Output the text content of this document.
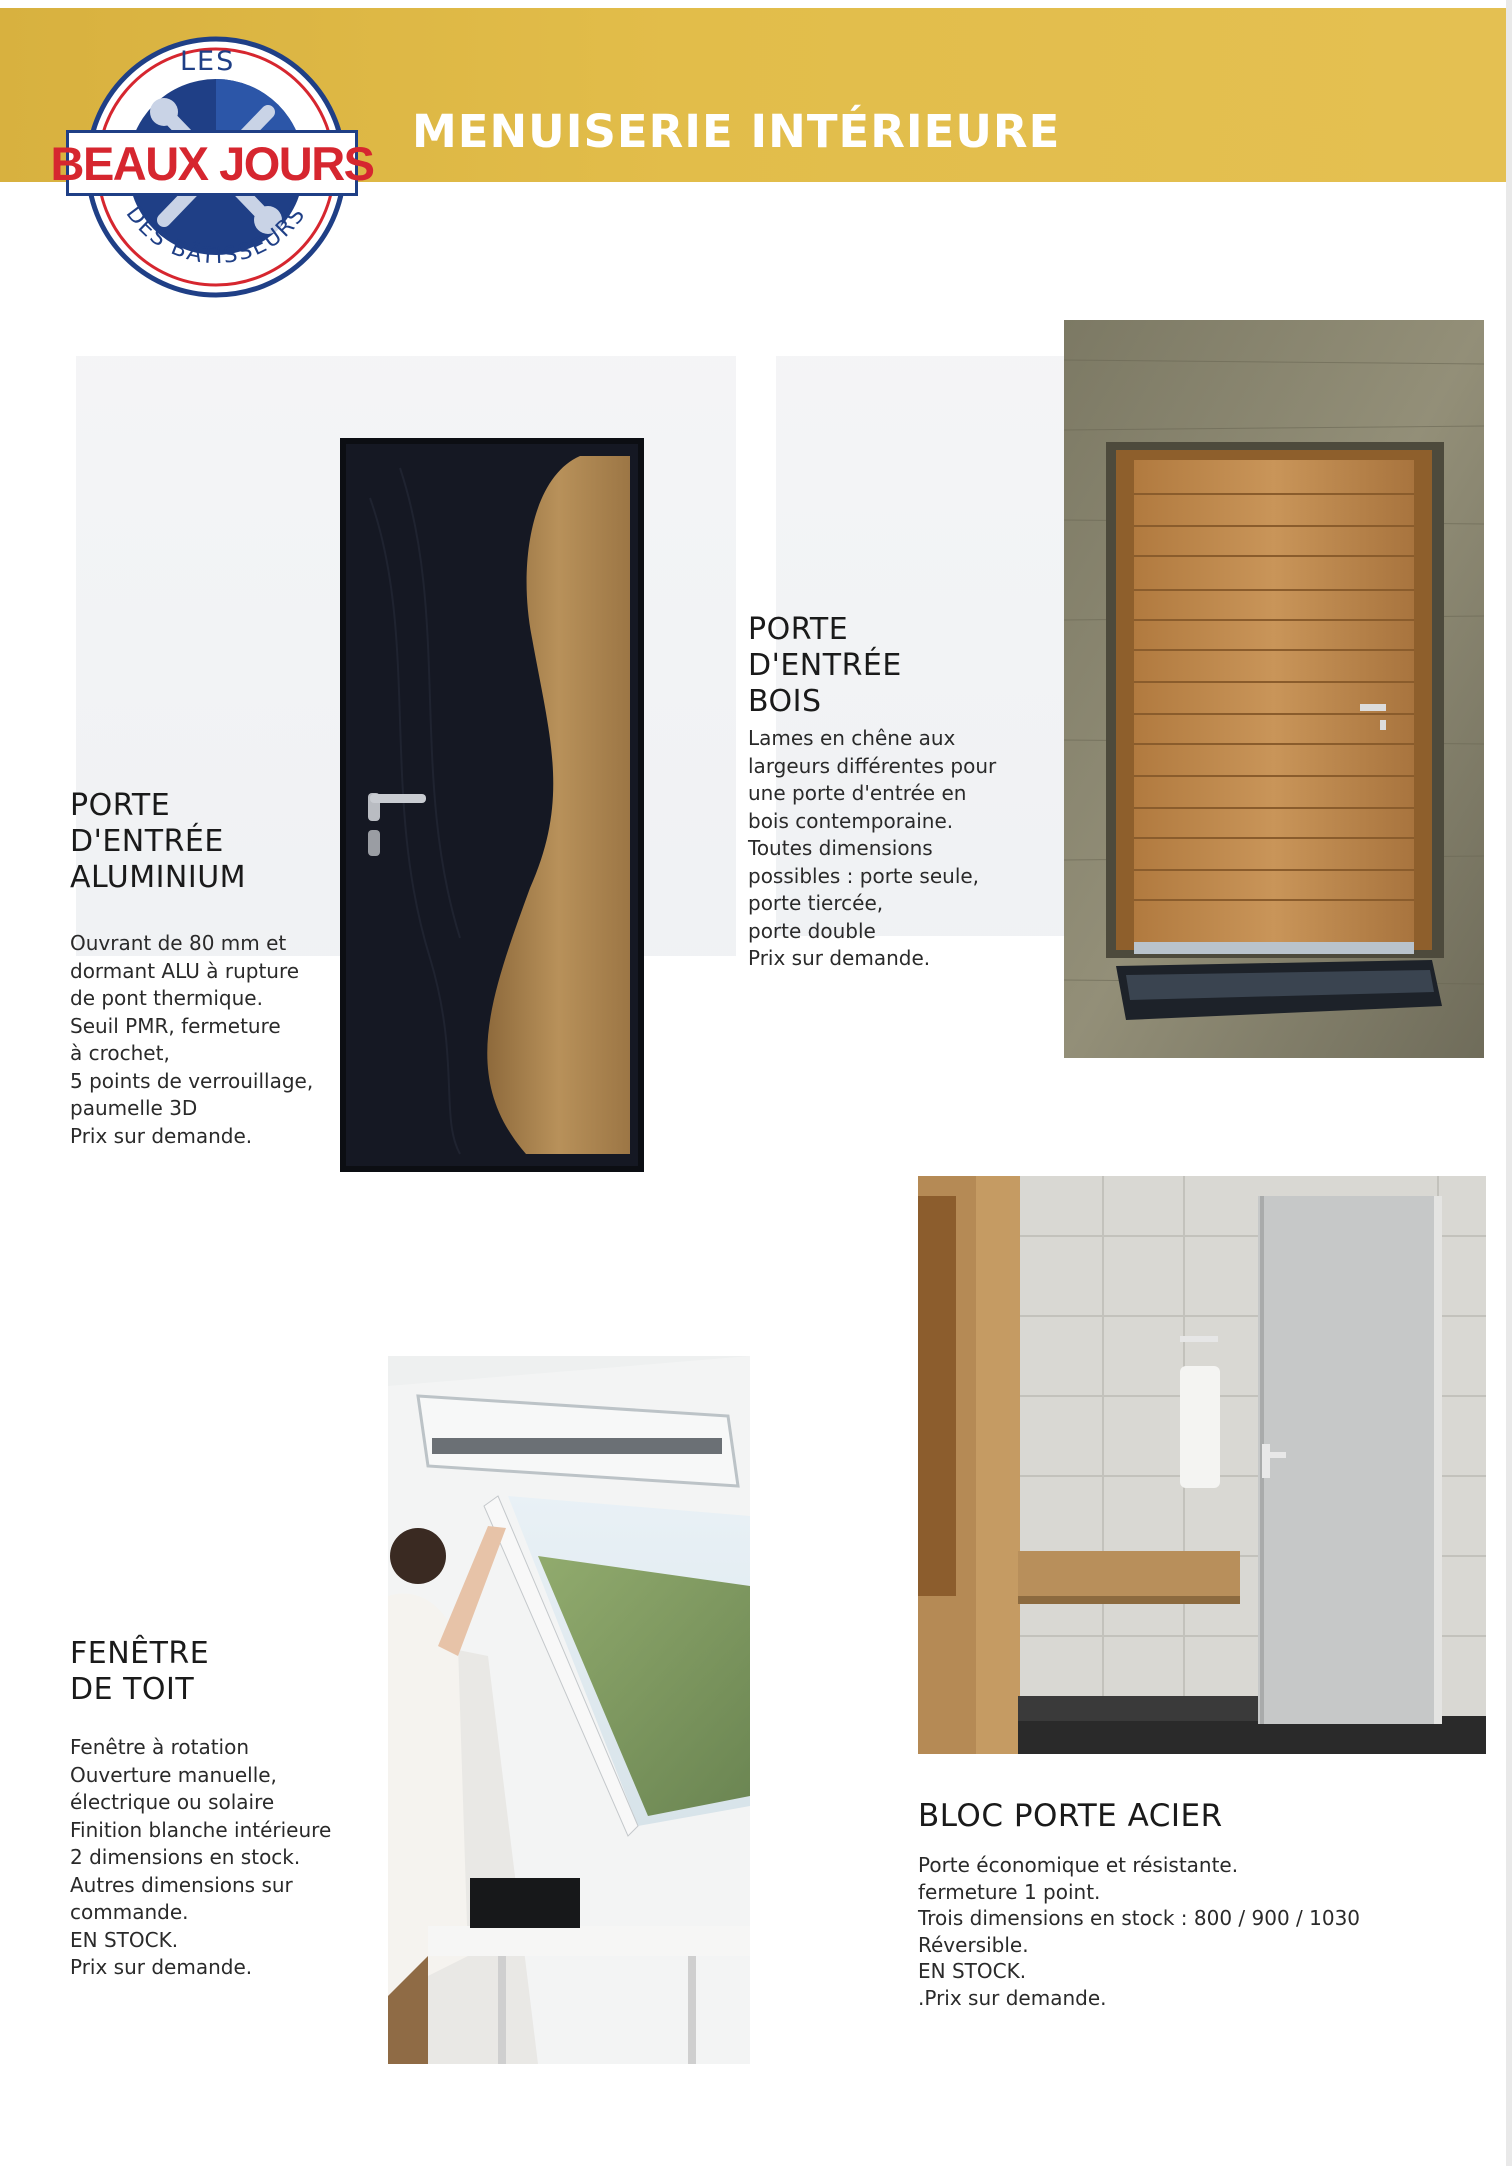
MENUISERIE INTÉRIEURE
DES BÂTISSEURS
LES
BEAUX JOURS
PORTE
D'ENTRÉE
ALUMINIUM
Ouvrant de 80 mm et
dormant ALU à rupture
de pont thermique.
Seuil PMR, fermeture
à crochet,
5 points de verrouillage,
paumelle 3D
Prix sur demande.
PORTE
D'ENTRÉE
BOIS
Lames en chêne aux
largeurs différentes pour
une porte d'entrée en
bois contemporaine.
Toutes dimensions
possibles : porte seule,
porte tiercée,
porte double
Prix sur demande.
FENÊTRE
DE TOIT
Fenêtre à rotation
Ouverture manuelle,
électrique ou solaire
Finition blanche intérieure
2 dimensions en stock.
Autres dimensions sur
commande.
EN STOCK.
Prix sur demande.
BLOC PORTE ACIER
Porte économique et résistante.
fermeture 1 point.
Trois dimensions en stock : 800 / 900 / 1030
Réversible.
EN STOCK.
.Prix sur demande.
